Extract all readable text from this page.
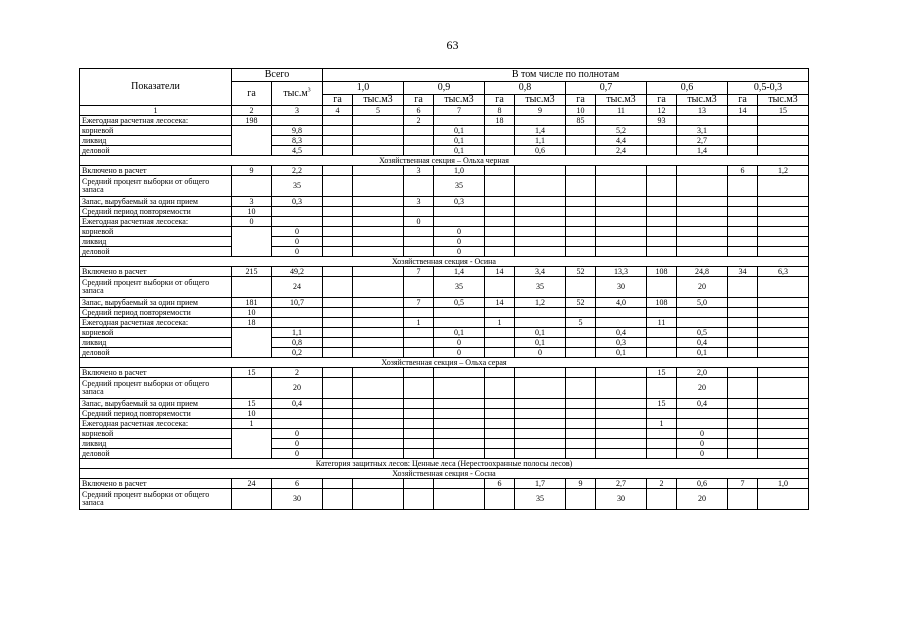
63
Показатели	Всего		В том числе по полнотам											
	га	$тыс.м^3$	1,0		0,9		0,8		0,7		0,6		0,5-0,3	
			га	тыс.м3	га	тыс.м3	га	тыс.м3	га	тыс.м3	га	тыс.м3	га	тыс.м3
1	2	3	4	5	6	7	8	9	10	11	12	13	14	15
Ежегодная расчетная лесосека:	198				2		18		85		93			
корневой		9,8				0,1		1,4		5,2		3,1		
ликвид		8,3				0,1		1,1		4,4		2,7		
деловой		4,5				0,1		0,6		2,4		1,4		
Хозяйственная секция – Ольха черная														
Включено в расчет	9	2,2			3	1,0							6	1,2
Средний процент выборки от общего запаса		35				35								
Запас, вырубаемый за один прием	3	0,3			3	0,3								
Средний период повторяемости	10													
Ежегодная расчетная лесосека:	0				0									
корневой		0				0								
ликвид		0				0								
деловой		0				0								
Хозяйственная секция - Осина														
Включено в расчет	215	49,2			7	1,4	14	3,4	52	13,3	108	24,8	34	6,3
Средний процент выборки от общего запаса		24				35		35		30		20		
Запас, вырубаемый за один прием	181	10,7			7	0,5	14	1,2	52	4,0	108	5,0		
Средний период повторяемости	10													
Ежегодная расчетная лесосека:	18				1		1		5		11			
корневой		1,1				0,1		0,1		0,4		0,5		
ликвид		0,8				0		0,1		0,3		0,4		
деловой		0,2				0		0		0,1		0,1		
Хозяйственная секция – Ольха серая														
Включено в расчет	15	2									15	2,0		
Средний процент выборки от общего запаса		20										20		
Запас, вырубаемый за один прием	15	0,4									15	0,4		
Средний период повторяемости	10													
Ежегодная расчетная лесосека:	1										1			
корневой		0										0		
ликвид		0										0		
деловой		0										0		
Категория защитных лесов: Ценные леса (Нерестоохранные полосы лесов)														
Хозяйственная секция - Сосна														
Включено в расчет	24	6					6	1,7	9	2,7	2	0,6	7	1,0
Средний процент выборки от общего запаса		30						35		30		20		
